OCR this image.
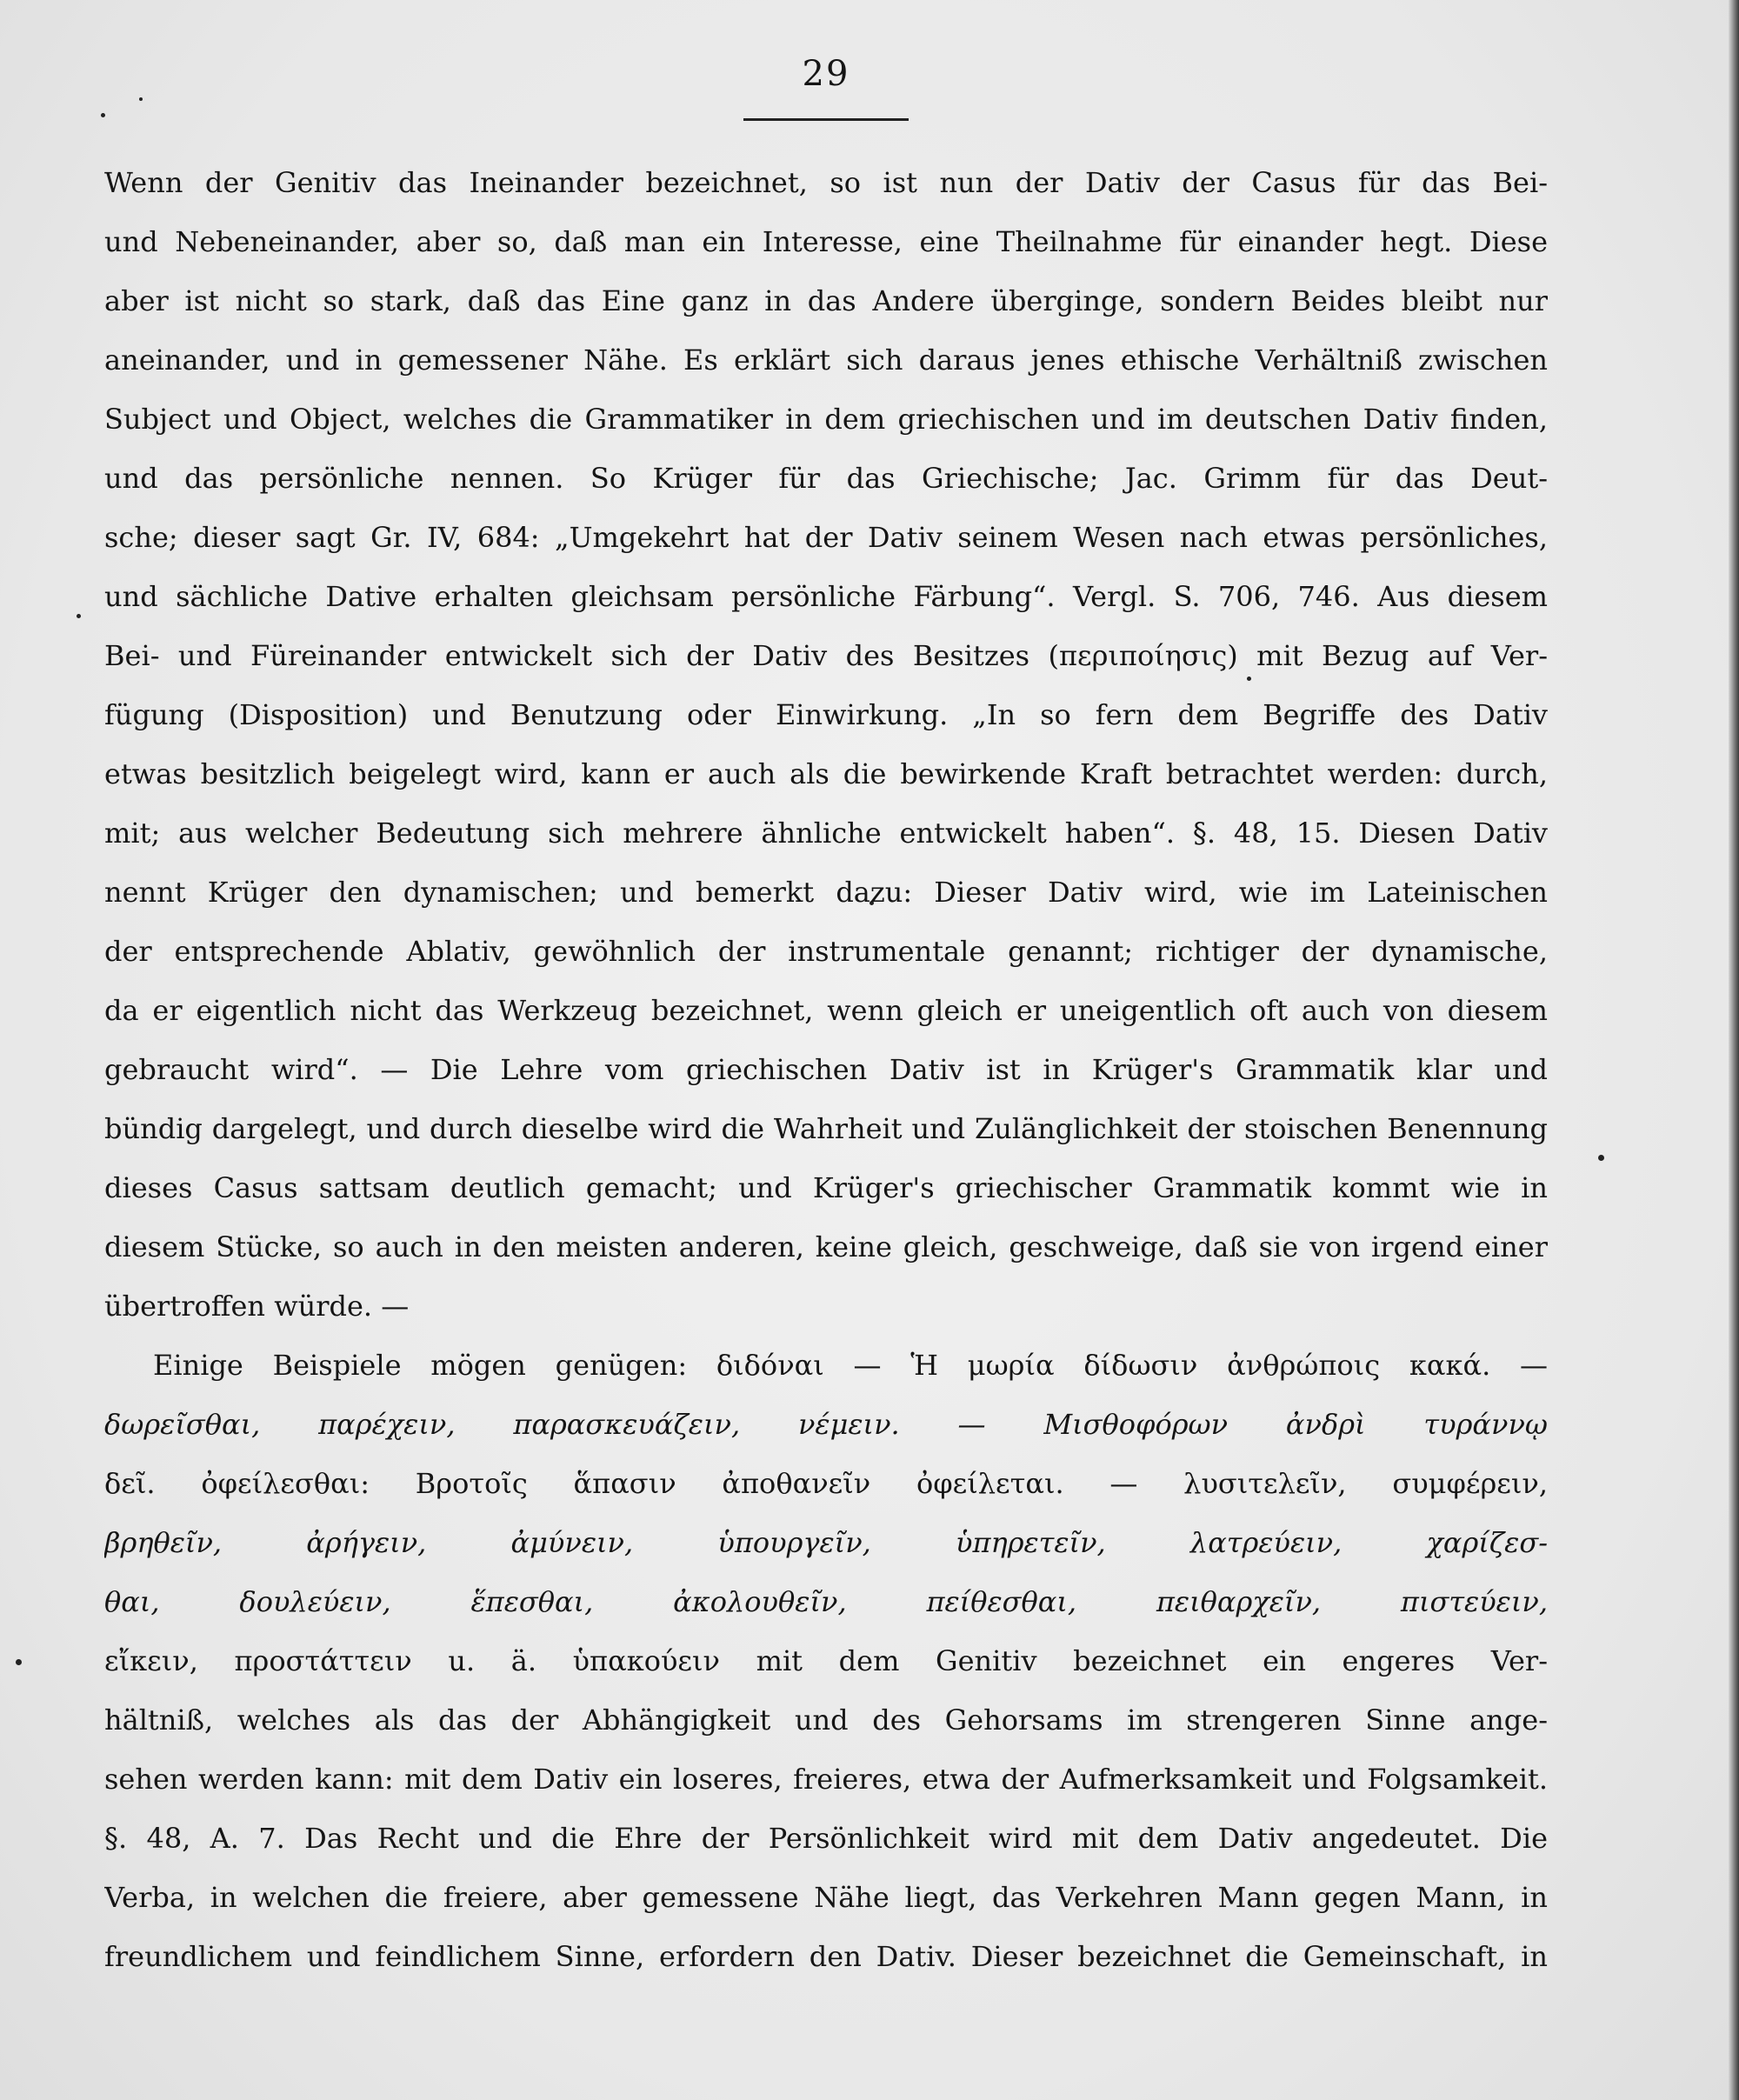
29
Wenn der Genitiv das Ineinander bezeichnet, so ist nun der Dativ der Casus für das Bei-
und Nebeneinander, aber so, daß man ein Interesse, eine Theilnahme für einander hegt. Diese
aber ist nicht so stark, daß das Eine ganz in das Andere überginge, sondern Beides bleibt nur
aneinander, und in gemessener Nähe. Es erklärt sich daraus jenes ethische Verhältniß zwischen
Subject und Object, welches die Grammatiker in dem griechischen und im deutschen Dativ finden,
und das persönliche nennen. So Krüger für das Griechische; Jac. Grimm für das Deut-
sche; dieser sagt Gr. IV, 684: „Umgekehrt hat der Dativ seinem Wesen nach etwas persönliches,
und sächliche Dative erhalten gleichsam persönliche Färbung“. Vergl. S. 706, 746. Aus diesem
Bei- und Füreinander entwickelt sich der Dativ des Besitzes (περιποίησις) mit Bezug auf Ver-
fügung (Disposition) und Benutzung oder Einwirkung. „In so fern dem Begriffe des Dativ
etwas besitzlich beigelegt wird, kann er auch als die bewirkende Kraft betrachtet werden: durch,
mit; aus welcher Bedeutung sich mehrere ähnliche entwickelt haben“. §. 48, 15. Diesen Dativ
nennt Krüger den dynamischen; und bemerkt dazu: Dieser Dativ wird, wie im Lateinischen
der entsprechende Ablativ, gewöhnlich der instrumentale genannt; richtiger der dynamische,
da er eigentlich nicht das Werkzeug bezeichnet, wenn gleich er uneigentlich oft auch von diesem
gebraucht wird“. — Die Lehre vom griechischen Dativ ist in Krüger's Grammatik klar und
bündig dargelegt, und durch dieselbe wird die Wahrheit und Zulänglichkeit der stoischen Benennung
dieses Casus sattsam deutlich gemacht; und Krüger's griechischer Grammatik kommt wie in
diesem Stücke, so auch in den meisten anderen, keine gleich, geschweige, daß sie von irgend einer
übertroffen würde. —
Einige Beispiele mögen genügen: διδόναι — Ἡ μωρία δίδωσιν ἀνθρώποις κακά. —
δωρεῖσθαι, παρέχειν, παρασκευάζειν, νέμειν. — Μισθοφόρων ἀνδρὶ τυράννῳ
δεῖ. ὀφείλεσθαι: Βροτοῖς ἅπασιν ἀποθανεῖν ὀφείλεται. — λυσιτελεῖν, συμφέρειν,
βρηθεῖν, ἀρήγειν, ἀμύνειν, ὑπουργεῖν, ὑπηρετεῖν, λατρεύειν, χαρίζεσ-
θαι, δουλεύειν, ἕπεσθαι, ἀκολουθεῖν, πείθεσθαι, πειθαρχεῖν, πιστεύειν,
εἴκειν, προστάττειν u. ä. ὑπακούειν mit dem Genitiv bezeichnet ein engeres Ver-
hältniß, welches als das der Abhängigkeit und des Gehorsams im strengeren Sinne ange-
sehen werden kann: mit dem Dativ ein loseres, freieres, etwa der Aufmerksamkeit und Folgsamkeit.
§. 48, A. 7. Das Recht und die Ehre der Persönlichkeit wird mit dem Dativ angedeutet. Die
Verba, in welchen die freiere, aber gemessene Nähe liegt, das Verkehren Mann gegen Mann, in
freundlichem und feindlichem Sinne, erfordern den Dativ. Dieser bezeichnet die Gemeinschaft, in
